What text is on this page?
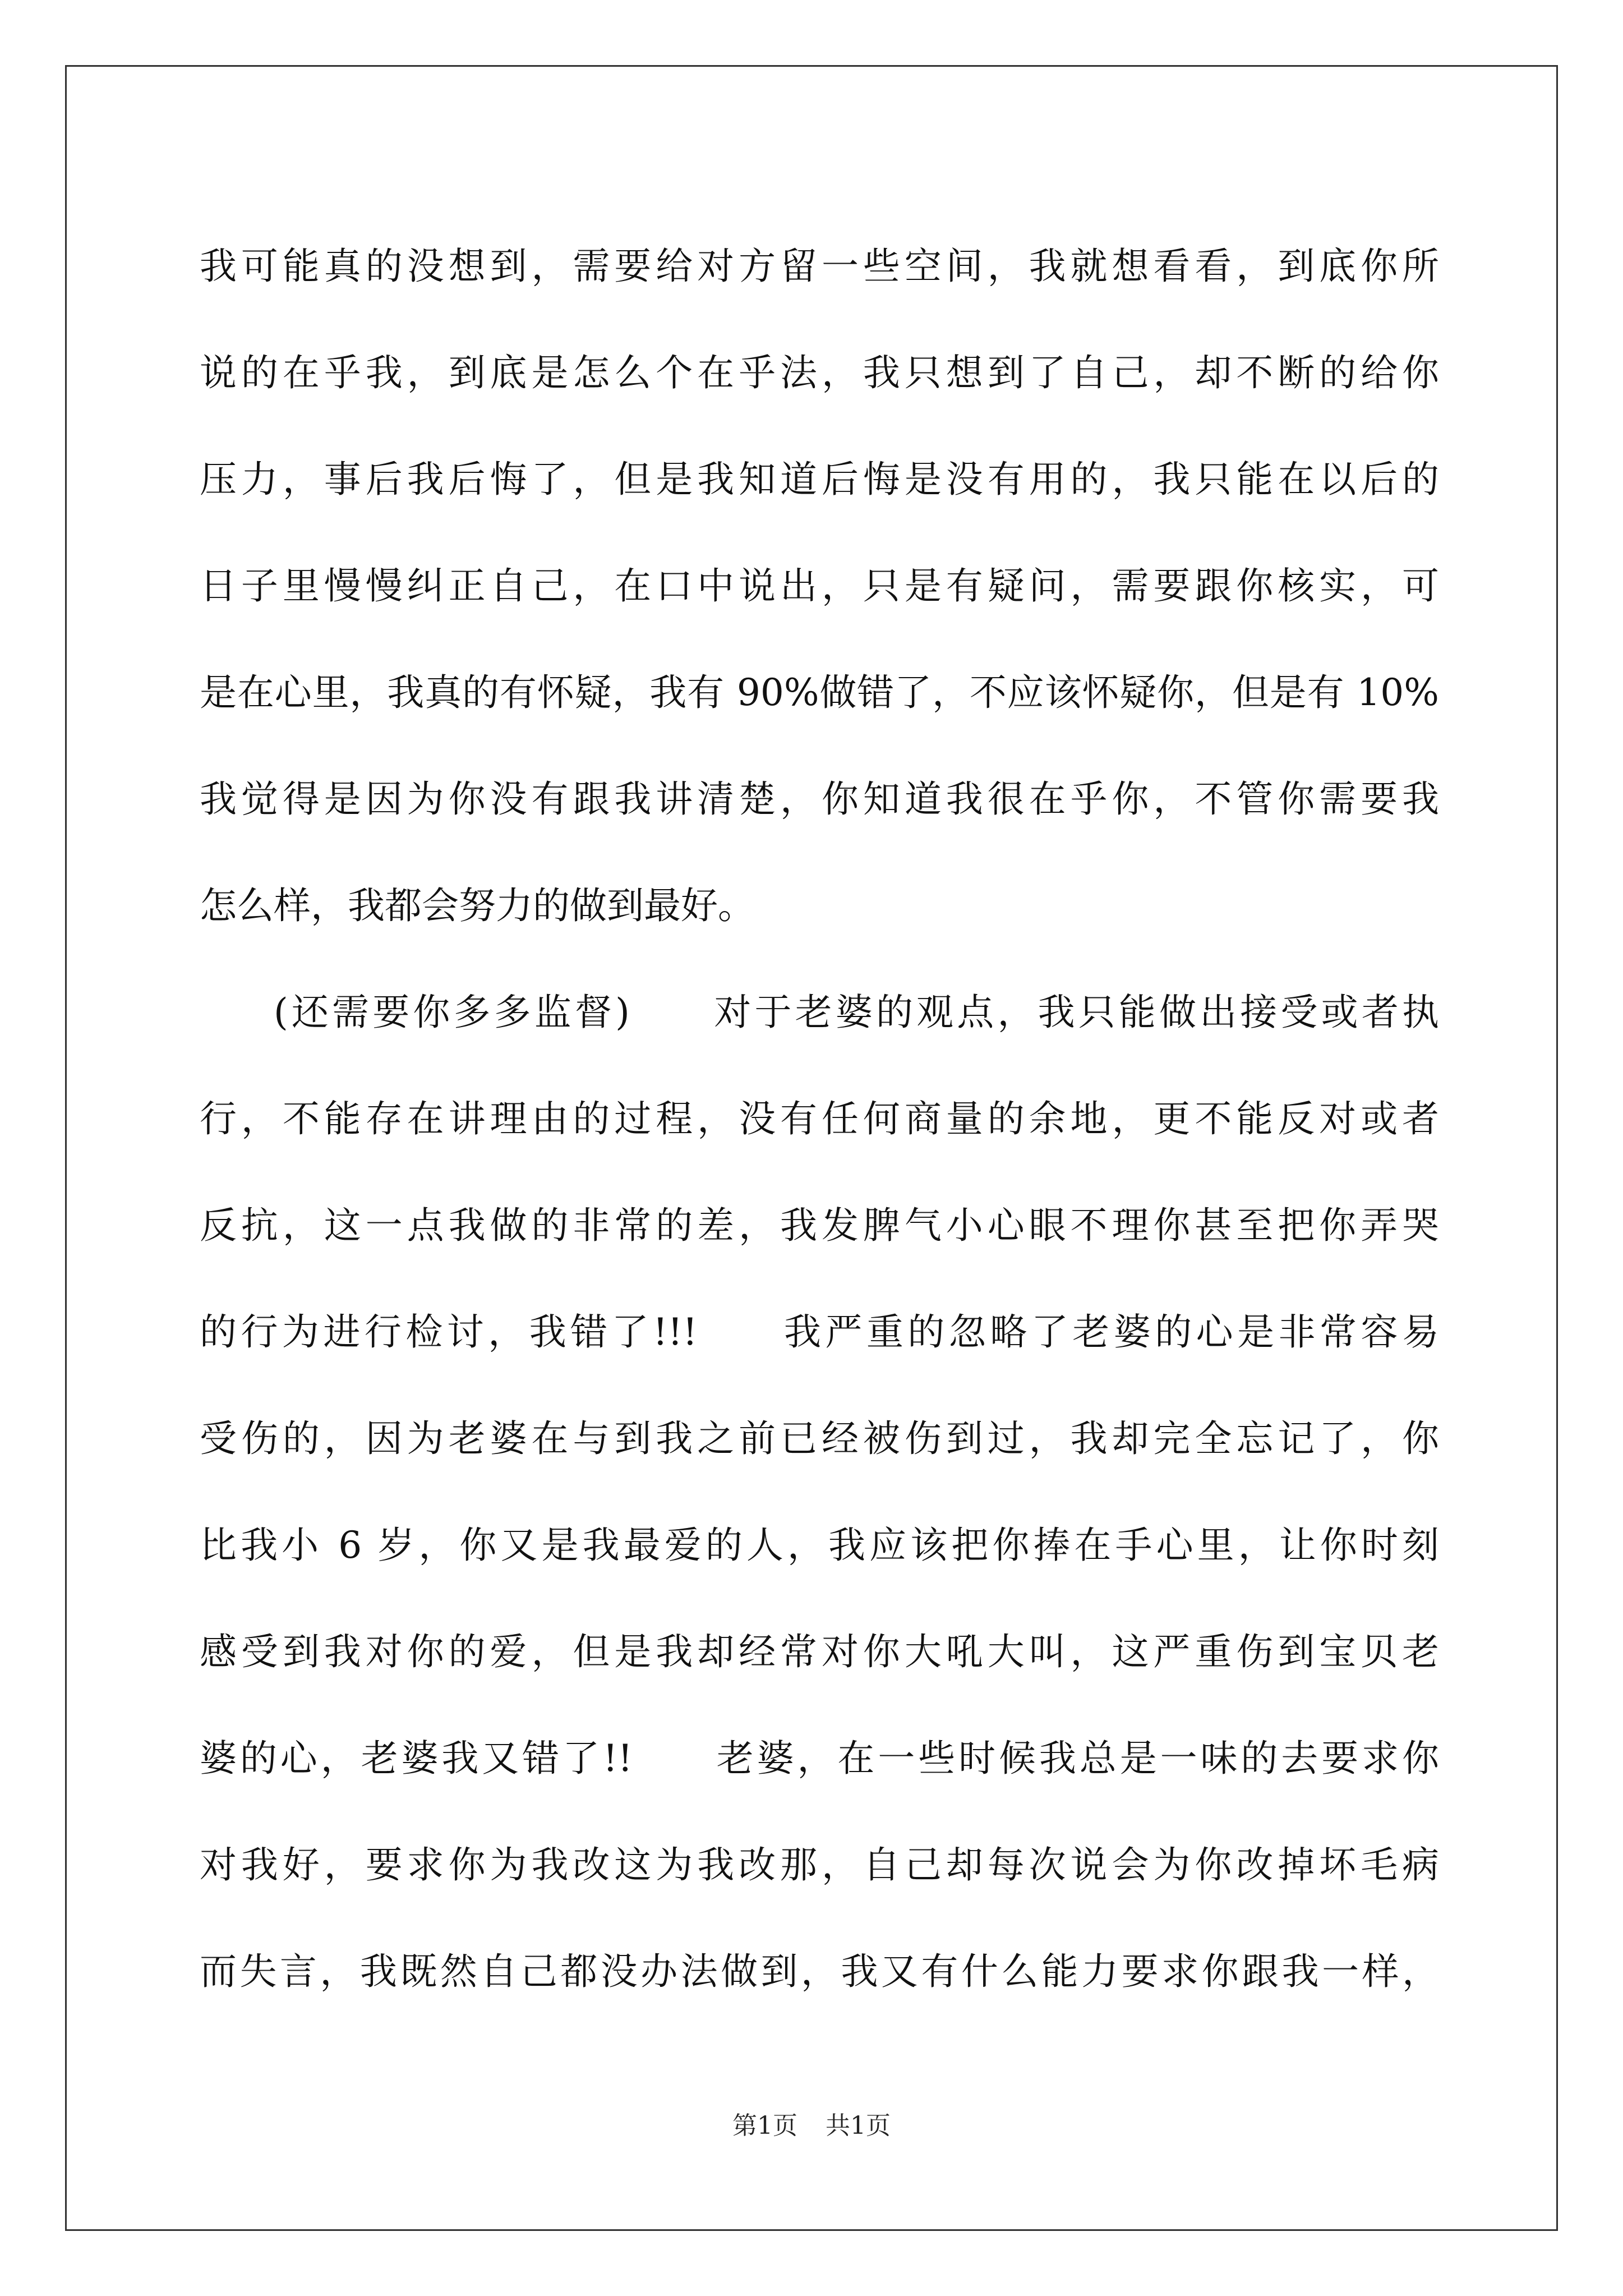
我可能真的没想到，需要给对方留一些空间，我就想看看，到底你所
说的在乎我，到底是怎么个在乎法，我只想到了自己，却不断的给你
压力，事后我后悔了，但是我知道后悔是没有用的，我只能在以后的
日子里慢慢纠正自己，在口中说出，只是有疑问，需要跟你核实，可
是在心里，我真的有怀疑，我有 90%做错了，不应该怀疑你，但是有 10%
我觉得是因为你没有跟我讲清楚，你知道我很在乎你，不管你需要我
怎么样，我都会努力的做到最好。
(还需要你多多监督)　　对于老婆的观点，我只能做出接受或者执
行，不能存在讲理由的过程，没有任何商量的余地，更不能反对或者
反抗，这一点我做的非常的差，我发脾气小心眼不理你甚至把你弄哭
的行为进行检讨，我错了!!!　　我严重的忽略了老婆的心是非常容易
受伤的，因为老婆在与到我之前已经被伤到过，我却完全忘记了，你
比我小 6 岁，你又是我最爱的人，我应该把你捧在手心里，让你时刻
感受到我对你的爱，但是我却经常对你大吼大叫，这严重伤到宝贝老
婆的心，老婆我又错了!!　　老婆，在一些时候我总是一味的去要求你
对我好，要求你为我改这为我改那，自己却每次说会为你改掉坏毛病
而失言，我既然自己都没办法做到，我又有什么能力要求你跟我一样，
第1页 共1页
